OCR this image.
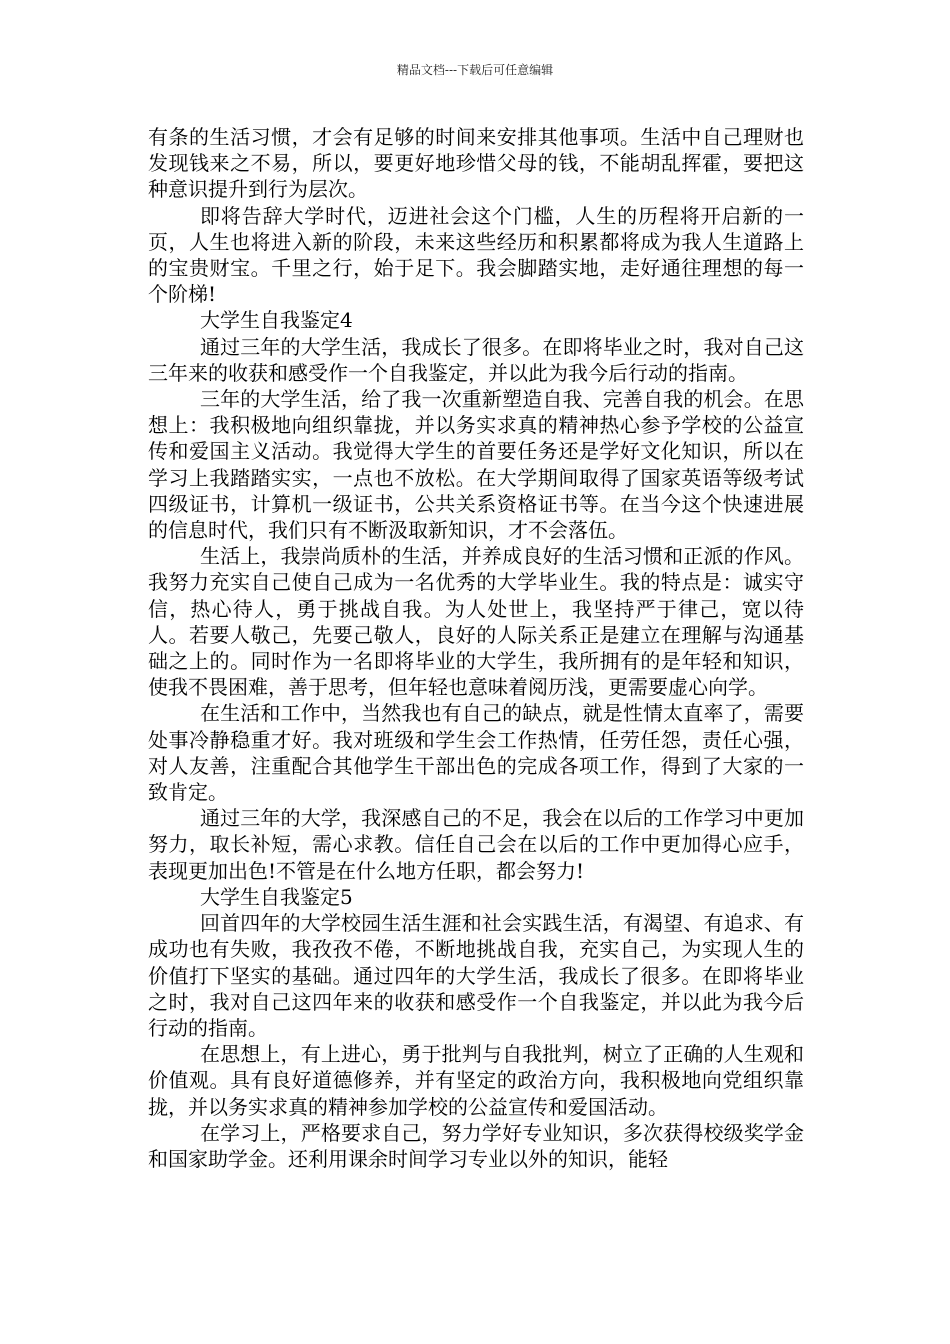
精品文档---下载后可任意编辑

有条的生活习惯，才会有足够的时间来安排其他事项。生活中自己理财也发现钱来之不易，所以，要更好地珍惜父母的钱，不能胡乱挥霍，要把这种意识提升到行为层次。

即将告辞大学时代，迈进社会这个门槛，人生的历程将开启新的一页，人生也将进入新的阶段，未来这些经历和积累都将成为我人生道路上的宝贵财宝。千里之行，始于足下。我会脚踏实地，走好通往理想的每一个阶梯!

大学生自我鉴定4

通过三年的大学生活，我成长了很多。在即将毕业之时，我对自己这三年来的收获和感受作一个自我鉴定，并以此为我今后行动的指南。

三年的大学生活，给了我一次重新塑造自我、完善自我的机会。在思想上：我积极地向组织靠拢，并以务实求真的精神热心参予学校的公益宣传和爱国主义活动。我觉得大学生的首要任务还是学好文化知识，所以在学习上我踏踏实实，一点也不放松。在大学期间取得了国家英语等级考试四级证书，计算机一级证书，公共关系资格证书等。在当今这个快速进展的信息时代，我们只有不断汲取新知识，才不会落伍。

生活上，我崇尚质朴的生活，并养成良好的生活习惯和正派的作风。我努力充实自己使自己成为一名优秀的大学毕业生。我的特点是：诚实守信，热心待人，勇于挑战自我。为人处世上，我坚持严于律己，宽以待人。若要人敬己，先要己敬人，良好的人际关系正是建立在理解与沟通基础之上的。同时作为一名即将毕业的大学生，我所拥有的是年轻和知识，使我不畏困难，善于思考，但年轻也意味着阅历浅，更需要虚心向学。

在生活和工作中，当然我也有自己的缺点，就是性情太直率了，需要处事冷静稳重才好。我对班级和学生会工作热情，任劳任怨，责任心强，对人友善，注重配合其他学生干部出色的完成各项工作，得到了大家的一致肯定。

通过三年的大学，我深感自己的不足，我会在以后的工作学习中更加努力，取长补短，需心求教。信任自己会在以后的工作中更加得心应手，表现更加出色!不管是在什么地方任职，都会努力!

大学生自我鉴定5

回首四年的大学校园生活生涯和社会实践生活，有渴望、有追求、有成功也有失败，我孜孜不倦，不断地挑战自我，充实自己，为实现人生的价值打下坚实的基础。通过四年的大学生活，我成长了很多。在即将毕业之时，我对自己这四年来的收获和感受作一个自我鉴定，并以此为我今后行动的指南。

在思想上，有上进心，勇于批判与自我批判，树立了正确的人生观和价值观。具有良好道德修养，并有坚定的政治方向，我积极地向党组织靠拢，并以务实求真的精神参加学校的公益宣传和爱国活动。

在学习上，严格要求自己，努力学好专业知识，多次获得校级奖学金和国家助学金。还利用课余时间学习专业以外的知识，能轻
